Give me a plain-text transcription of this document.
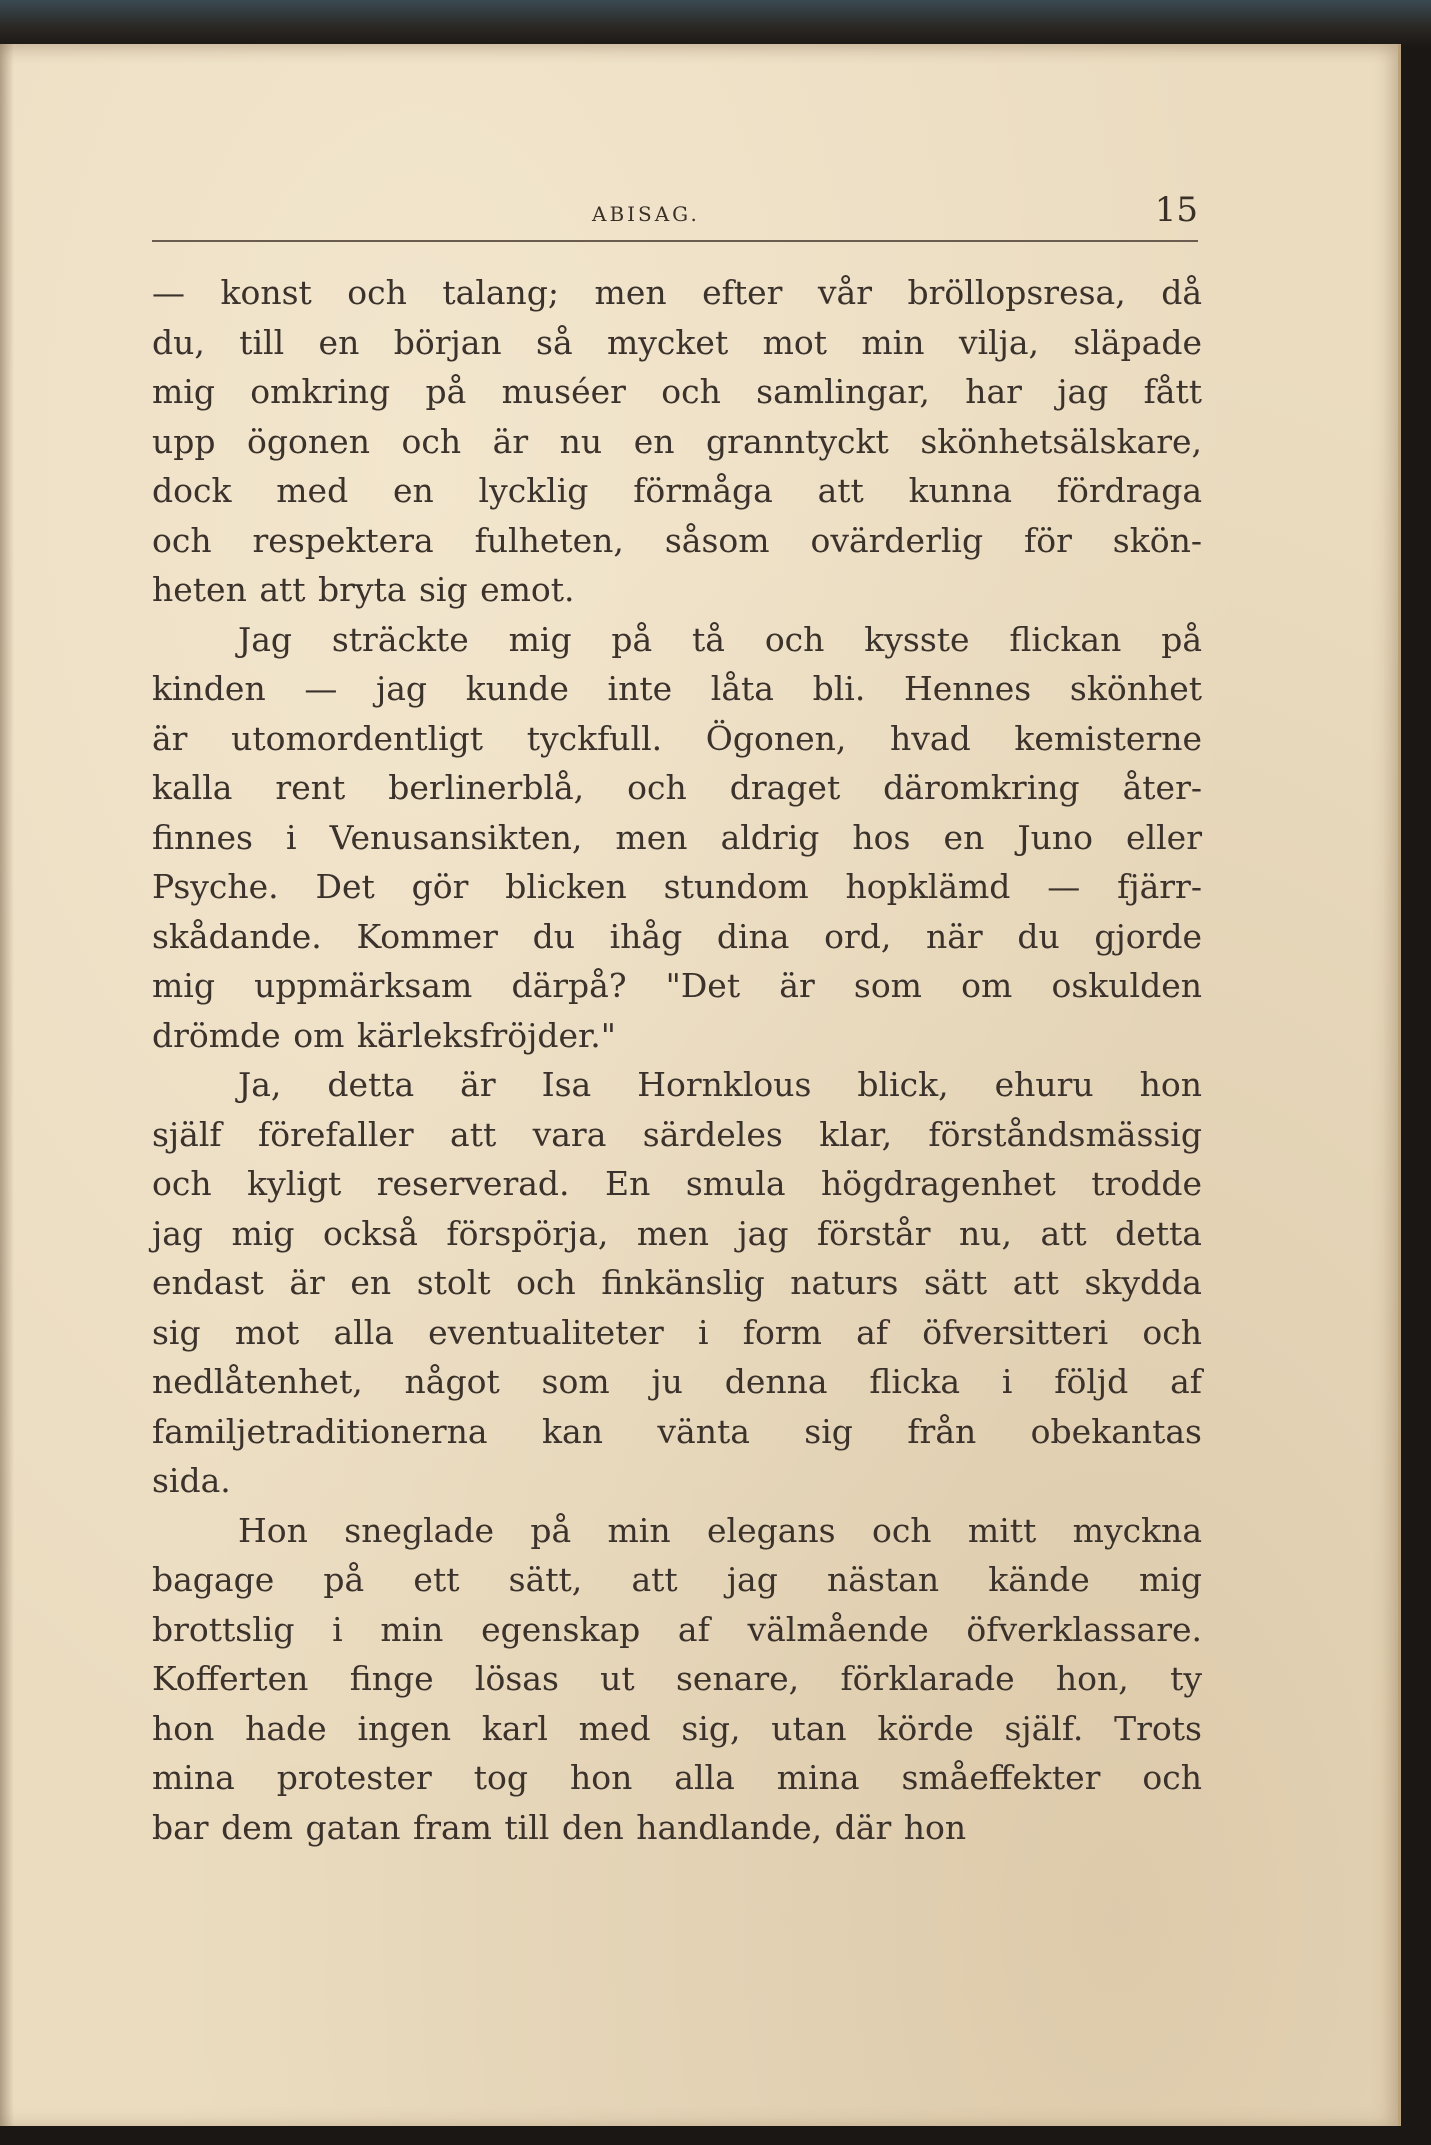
ABISAG.	15

— konst och talang; men efter vår bröllopsresa, då
du, till en början så mycket mot min vilja, släpade
mig omkring på muséer och samlingar, har jag fått
upp ögonen och är nu en granntyckt skönhetsälskare,
dock med en lycklig förmåga att kunna fördraga
och respektera fulheten, såsom ovärderlig för skön-
heten att bryta sig emot.

Jag sträckte mig på tå och kysste flickan på
kinden — jag kunde inte låta bli. Hennes skönhet
är utomordentligt tyckfull. Ögonen, hvad kemisterne
kalla rent berlinerblå, och draget däromkring åter-
finnes i Venusansikten, men aldrig hos en Juno eller
Psyche. Det gör blicken stundom hopklämd — fjärr-
skådande. Kommer du ihåg dina ord, när du gjorde
mig uppmärksam därpå? "Det är som om oskulden
drömde om kärleksfröjder."

Ja, detta är Isa Hornklous blick, ehuru hon
själf förefaller att vara särdeles klar, förståndsmässig
och kyligt reserverad. En smula högdragenhet trodde
jag mig också förspörja, men jag förstår nu, att detta
endast är en stolt och finkänslig naturs sätt att skydda
sig mot alla eventualiteter i form af öfversitteri och
nedlåtenhet, något som ju denna flicka i följd af
familjetraditionerna kan vänta sig från obekantas
sida.

Hon sneglade på min elegans och mitt myckna
bagage på ett sätt, att jag nästan kände mig
brottslig i min egenskap af välmående öfverklassare.
Kofferten finge lösas ut senare, förklarade hon, ty
hon hade ingen karl med sig, utan körde själf. Trots
mina protester tog hon alla mina småeffekter och
bar dem gatan fram till den handlande, där hon
